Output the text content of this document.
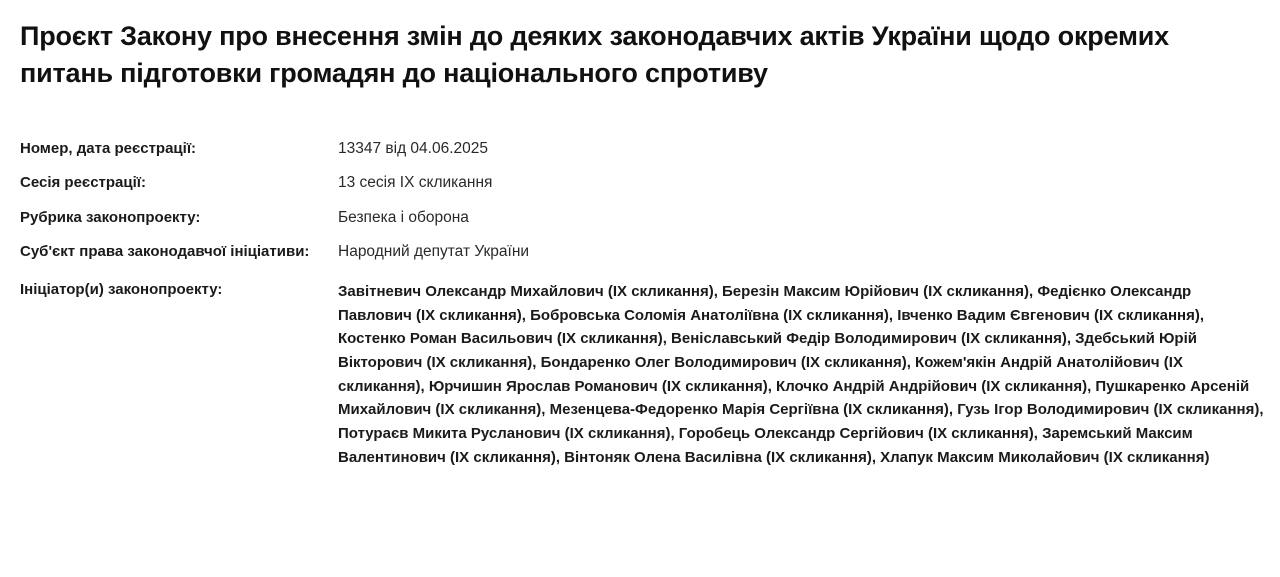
Проєкт Закону про внесення змін до деяких законодавчих актів України щодо окремих питань підготовки громадян до національного спротиву
Номер, дата реєстрації:	13347 від 04.06.2025
Сесія реєстрації:	13 сесія IX скликання
Рубрика законопроекту:	Безпека і оборона
Суб'єкт права законодавчої ініціативи:	Народний депутат України
Ініціатор(и) законопроекту:	Завітневич Олександр Михайлович (IX скликання), Березін Максим Юрійович (IX скликання), Федієнко Олександр Павлович (IX скликання), Бобровська Соломія Анатоліївна (IX скликання), Івченко Вадим Євгенович (IX скликання), Костенко Роман Васильович (IX скликання), Веніславський Федір Володимирович (IX скликання), Здебський Юрій Вікторович (IX скликання), Бондаренко Олег Володимирович (IX скликання), Кожем'якін Андрій Анатолійович (IX скликання), Юрчишин Ярослав Романович (IX скликання), Клочко Андрій Андрійович (IX скликання), Пушкаренко Арсеній Михайлович (IX скликання), Мезенцева-Федоренко Марія Сергіївна (IX скликання), Гузь Ігор Володимирович (IX скликання), Потураєв Микита Русланович (IX скликання), Горобець Олександр Сергійович (IX скликання), Заремський Максим Валентинович (IX скликання), Вінтоняк Олена Василівна (IX скликання), Хлапук Максим Миколайович (IX скликання)
